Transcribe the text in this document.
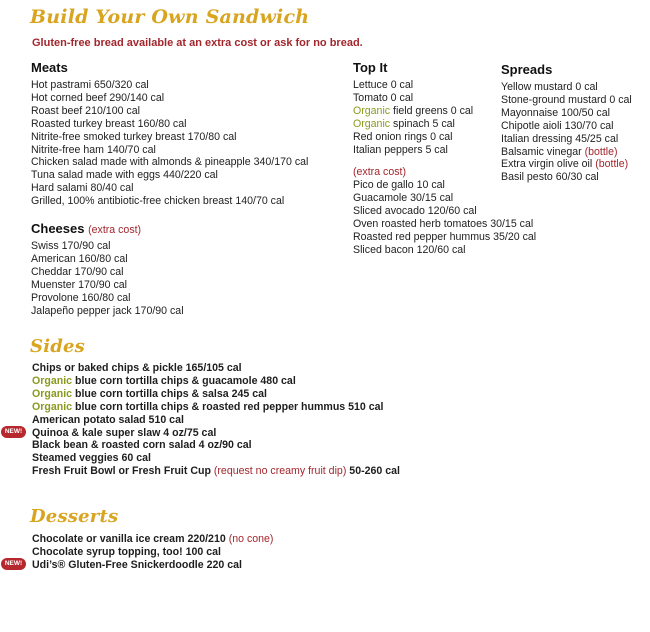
Build Your Own Sandwich
Gluten-free bread available at an extra cost or ask for no bread.
Meats
Hot pastrami 650/320 cal
Hot corned beef 290/140 cal
Roast beef 210/100 cal
Roasted turkey breast 160/80 cal
Nitrite-free smoked turkey breast 170/80 cal
Nitrite-free ham 140/70 cal
Chicken salad made with almonds & pineapple 340/170 cal
Tuna salad made with eggs 440/220 cal
Hard salami 80/40 cal
Grilled, 100% antibiotic-free chicken breast 140/70 cal
Cheeses (extra cost)
Swiss 170/90 cal
American 160/80 cal
Cheddar 170/90 cal
Muenster 170/90 cal
Provolone 160/80 cal
Jalapeño pepper jack 170/90 cal
Top It
Lettuce 0 cal
Tomato 0 cal
Organic field greens 0 cal
Organic spinach 5 cal
Red onion rings 0 cal
Italian peppers 5 cal
(extra cost)
Pico de gallo 10 cal
Guacamole 30/15 cal
Sliced avocado 120/60 cal
Oven roasted herb tomatoes 30/15 cal
Roasted red pepper hummus 35/20 cal
Sliced bacon 120/60 cal
Spreads
Yellow mustard 0 cal
Stone-ground mustard 0 cal
Mayonnaise 100/50 cal
Chipotle aioli 130/70 cal
Italian dressing 45/25 cal
Balsamic vinegar (bottle)
Extra virgin olive oil (bottle)
Basil pesto 60/30 cal
Sides
Chips or baked chips & pickle 165/105 cal
Organic blue corn tortilla chips & guacamole 480 cal
Organic blue corn tortilla chips & salsa 245 cal
Organic blue corn tortilla chips & roasted red pepper hummus 510 cal
American potato salad 510 cal
Quinoa & kale super slaw 4 oz/75 cal
Black bean & roasted corn salad 4 oz/90 cal
Steamed veggies 60 cal
Fresh Fruit Bowl or Fresh Fruit Cup (request no creamy fruit dip) 50-260 cal
Desserts
Chocolate or vanilla ice cream 220/210 (no cone)
Chocolate syrup topping, too! 100 cal
Udi’s® Gluten-Free Snickerdoodle 220 cal
NEW!
NEW!
